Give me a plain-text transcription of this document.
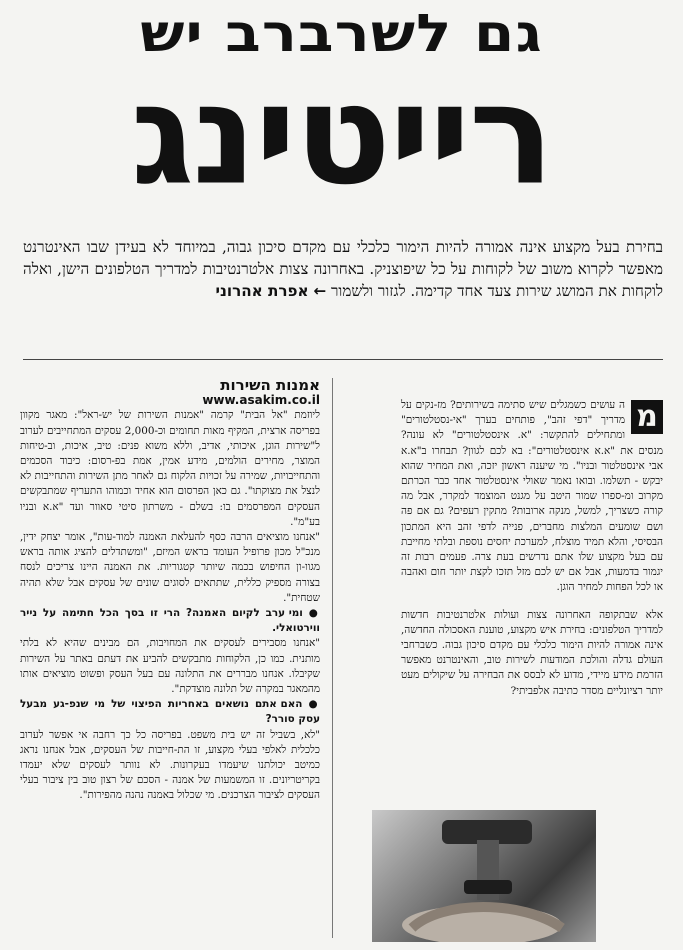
גם לשרברב יש
רייטינג
בחירת בעל מקצוע אינה אמורה להיות הימור כלכלי עם מקדם סיכון גבוה, במיוחד לא בעידן שבו האינטרנט מאפשר לקרוא משוב של לקוחות על כל שיפוצניק. באחרונה צצות אלטרנטיבות למדריך הטלפונים הישן, ואלה לוקחות את המושג שירות צעד אחד קדימה. לגזור ולשמור ← אפרת אהרוני
מ

ה עושים כשמגלים שיש סתימה בשירותים? מז-נקים על מדריך "דפי זהב", פותחים בערך "אי-נסטלטורים" ומתחילים להתקשר: "א. אינסטלטורים" לא עונה? מנסים את "א.א אינסטלטורים": בא לכם לגוון? תבחרו ב"א.א אבי אינסטלטור ובניו". מי שיענה ראשון יזכה, ואת המחיר שהוא יבקש - תשלמו. ובואו נאמר שאולי אינסטלטור אחד כבר הכרתם מקרוב ומ-ספרו שמור היטב על מגנט המוצמד למקרר, אבל מה קורה כשצריך, למשל, מנקה ארובות? מתקין רעפים? גם אם פה ושם שומעים המלצות מחברים, פנייה לדפי זהב היא המתכון הבסיסי, והלא תמיד מוצלח, למערכת יחסים נוספת ובלתי מחייבת עם בעל מקצוע שלו אתם נדרשים בעת צרה. פעמים רבות זה יגמור בדמעות, אבל אם יש לכם מזל תזכו לקצת יותר חום ואהבה או לכל הפחות למחיר הוגן.

אלא שבתקופה האחרונה צצות ועולות אלטרנטיבות חדשות למדריך הטלפונים: בחירת איש מקצוע, טוענת האסכולה החדשה, אינה אמורה להיות הימור כלכלי עם מקדם סיכון גבוה. כשברחבי העולם גדלה והולכת המודעות לשירות טוב, והאינטרנט מאפשר הזרמת מידע מיידי, מדוע לא לבסס את הבחירה על שיקולים מעט יותר רציונליים מסדר כתיבה אלפביתי?

אמנות השירות

www.asakim.co.il

ליוזמת "אל הבית" קרמה "אמנות השירות של יש-ראל": מאגר מקוון בפריסה ארצית, המקיף מאות תחומים וכ-2,000 עסקים המתחייבים לערוב ל"שירות הוגן, איכותי, אדיב, וללא משוא פנים: טיב, איכות, וב-טיחות המוצר, מחירים הולמים, מידע אמין, אמת בפ-רסום: כיבוד הסכמים והתחייבויות, שמירה על זכויות הלקוח גם לאחר מתן השירות והתחייבות לא לנצל את מצוקתו". גם כאן הפרסום הוא אחיד וכמוהו התעריף שמתבקשים העסקים המפרסמים בו: בשלם - משרתון סיטי סאוור ועד "א.א ובניו בע"מ".

"אנחנו מוציאים הרבה כסף להעלאת האמנה למוד-עות", אומר יצחק ידין, מנכ"ל מכון פרופיל העומד בראש המיזם, "ומשתדלים להציג אותה בראש מגוו-ון החיפוש בכמה שיותר קטגוריות. את האמנה היינו צריכים לנסח בצורה מספיק כללית, שתתאים לסוגים שונים של עסקים אבל שלא תהיה שטחית".

● ומי ערב לקיום האמנה? הרי זו בסך הכל חתימה על נייר ווירטואלי.

"אנחנו מסבירים לעסקים את המחויבות, הם מבינים שהיא לא בלתי מותנית. כמו כן, הלקוחות מתבקשים להביע את דעתם באתר על השירות שקיבלו. אנחנו מבררים את התלונה עם בעל העסק ופשוט מוציאים אותו מהמאגר במקרה של תלונה מוצדקת".

● האם אתם נושאים באחריות הפיצוי של מי שנפ-גע מבעל עסק סורר?

"לא, בשביל זה יש בית משפט. בפריסה כל כך רחבה אי אפשר לערוב כלכלית לאלפי בעלי מקצוע, זו הת-חייבות של העסקים, אבל אנחנו נראג כמיטב יכולתנו שיעמדו בעקרונות. לא נוותר לעסקים שלא יעמדו בקריטריונים. זו המשמעות של אמנה - הסכם של רצון טוב בין ציבור בעלי העסקים לציבור הצרכנים. מי שכלול באמנה נהנה מהפירות".
